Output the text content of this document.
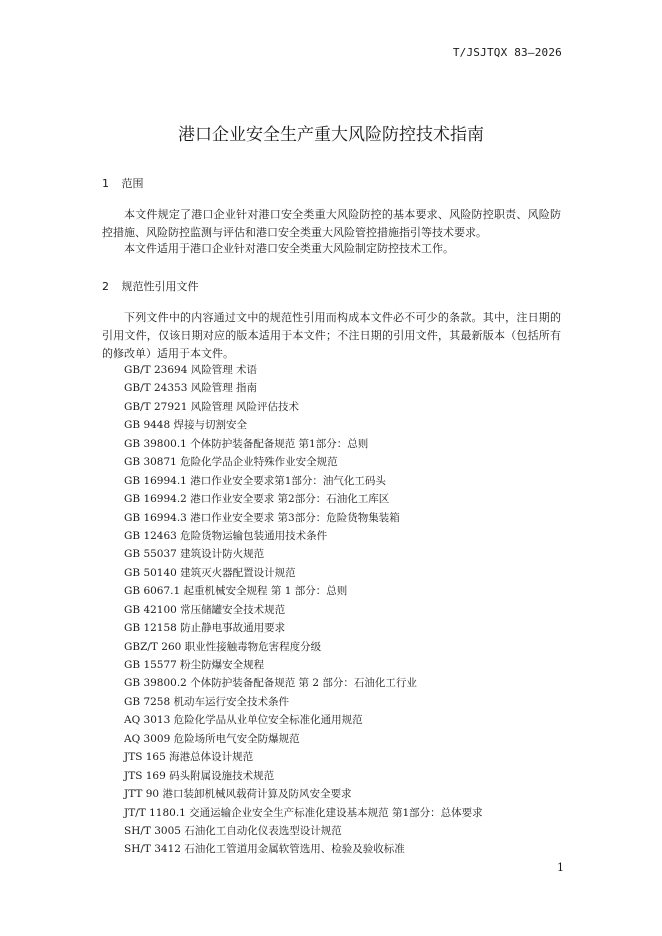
T/JSJTQX 83—2026
港口企业安全生产重大风险防控技术指南
1 范围

本文件规定了港口企业针对港口安全类重大风险防控的基本要求、风险防控职责、风险防控措施、风险防控监测与评估和港口安全类重大风险管控措施指引等技术要求。

本文件适用于港口企业针对港口安全类重大风险制定防控技术工作。

2 规范性引用文件

下列文件中的内容通过文中的规范性引用而构成本文件必不可少的条款。其中，注日期的引用文件，仅该日期对应的版本适用于本文件；不注日期的引用文件，其最新版本（包括所有的修改单）适用于本文件。

GB/T 23694 风险管理 术语
GB/T 24353 风险管理 指南
GB/T 27921 风险管理 风险评估技术
GB 9448 焊接与切割安全
GB 39800.1 个体防护装备配备规范 第1部分：总则
GB 30871 危险化学品企业特殊作业安全规范
GB 16994.1 港口作业安全要求第1部分：油气化工码头
GB 16994.2 港口作业安全要求 第2部分：石油化工库区
GB 16994.3 港口作业安全要求 第3部分：危险货物集装箱
GB 12463 危险货物运输包装通用技术条件
GB 55037 建筑设计防火规范
GB 50140 建筑灭火器配置设计规范
GB 6067.1 起重机械安全规程 第 1 部分：总则
GB 42100 常压储罐安全技术规范
GB 12158 防止静电事故通用要求
GBZ/T 260 职业性接触毒物危害程度分级
GB 15577 粉尘防爆安全规程
GB 39800.2 个体防护装备配备规范 第 2 部分：石油化工行业
GB 7258 机动车运行安全技术条件
AQ 3013 危险化学品从业单位安全标准化通用规范
AQ 3009 危险场所电气安全防爆规范
JTS 165 海港总体设计规范
JTS 169 码头附属设施技术规范
JTT 90 港口装卸机械风载荷计算及防风安全要求
JT/T 1180.1 交通运输企业安全生产标准化建设基本规范 第1部分：总体要求
SH/T 3005 石油化工自动化仪表选型设计规范
SH/T 3412 石油化工管道用金属软管选用、检验及验收标准
1
